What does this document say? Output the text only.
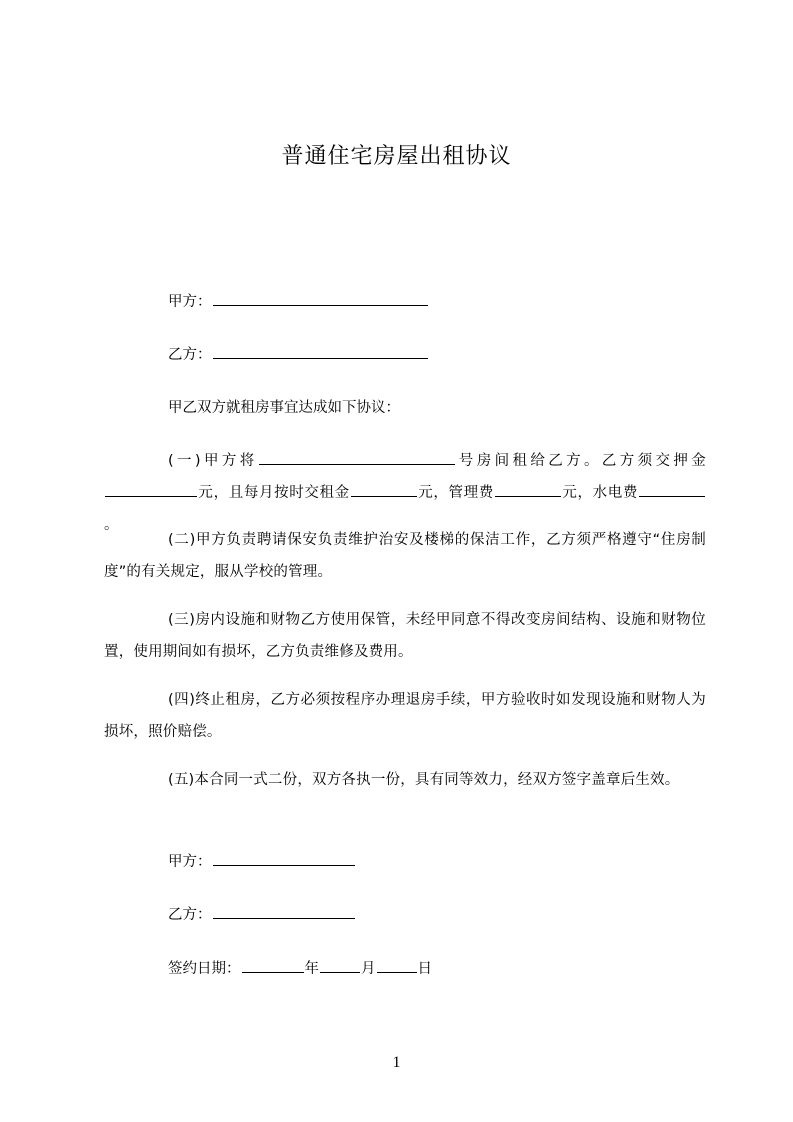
普通住宅房屋出租协议
甲方：
乙方：
甲乙双方就租房事宜达成如下协议：
(一)甲方将	号房间租给乙方。乙方须交押金元，且每月按时交租金	元，管理费	元，水电费。
(二)甲方负责聘请保安负责维护治安及楼梯的保洁工作，乙方须严格遵守“住房制度”的有关规定，服从学校的管理。
(三)房内设施和财物乙方使用保管，未经甲同意不得改变房间结构、设施和财物位置，使用期间如有损坏，乙方负责维修及费用。
(四)终止租房，乙方必须按程序办理退房手续，甲方验收时如发现设施和财物人为损坏，照价赔偿。
(五)本合同一式二份，双方各执一份，具有同等效力，经双方签字盖章后生效。
甲方：
乙方：
签约日期：	年	月	日
1
